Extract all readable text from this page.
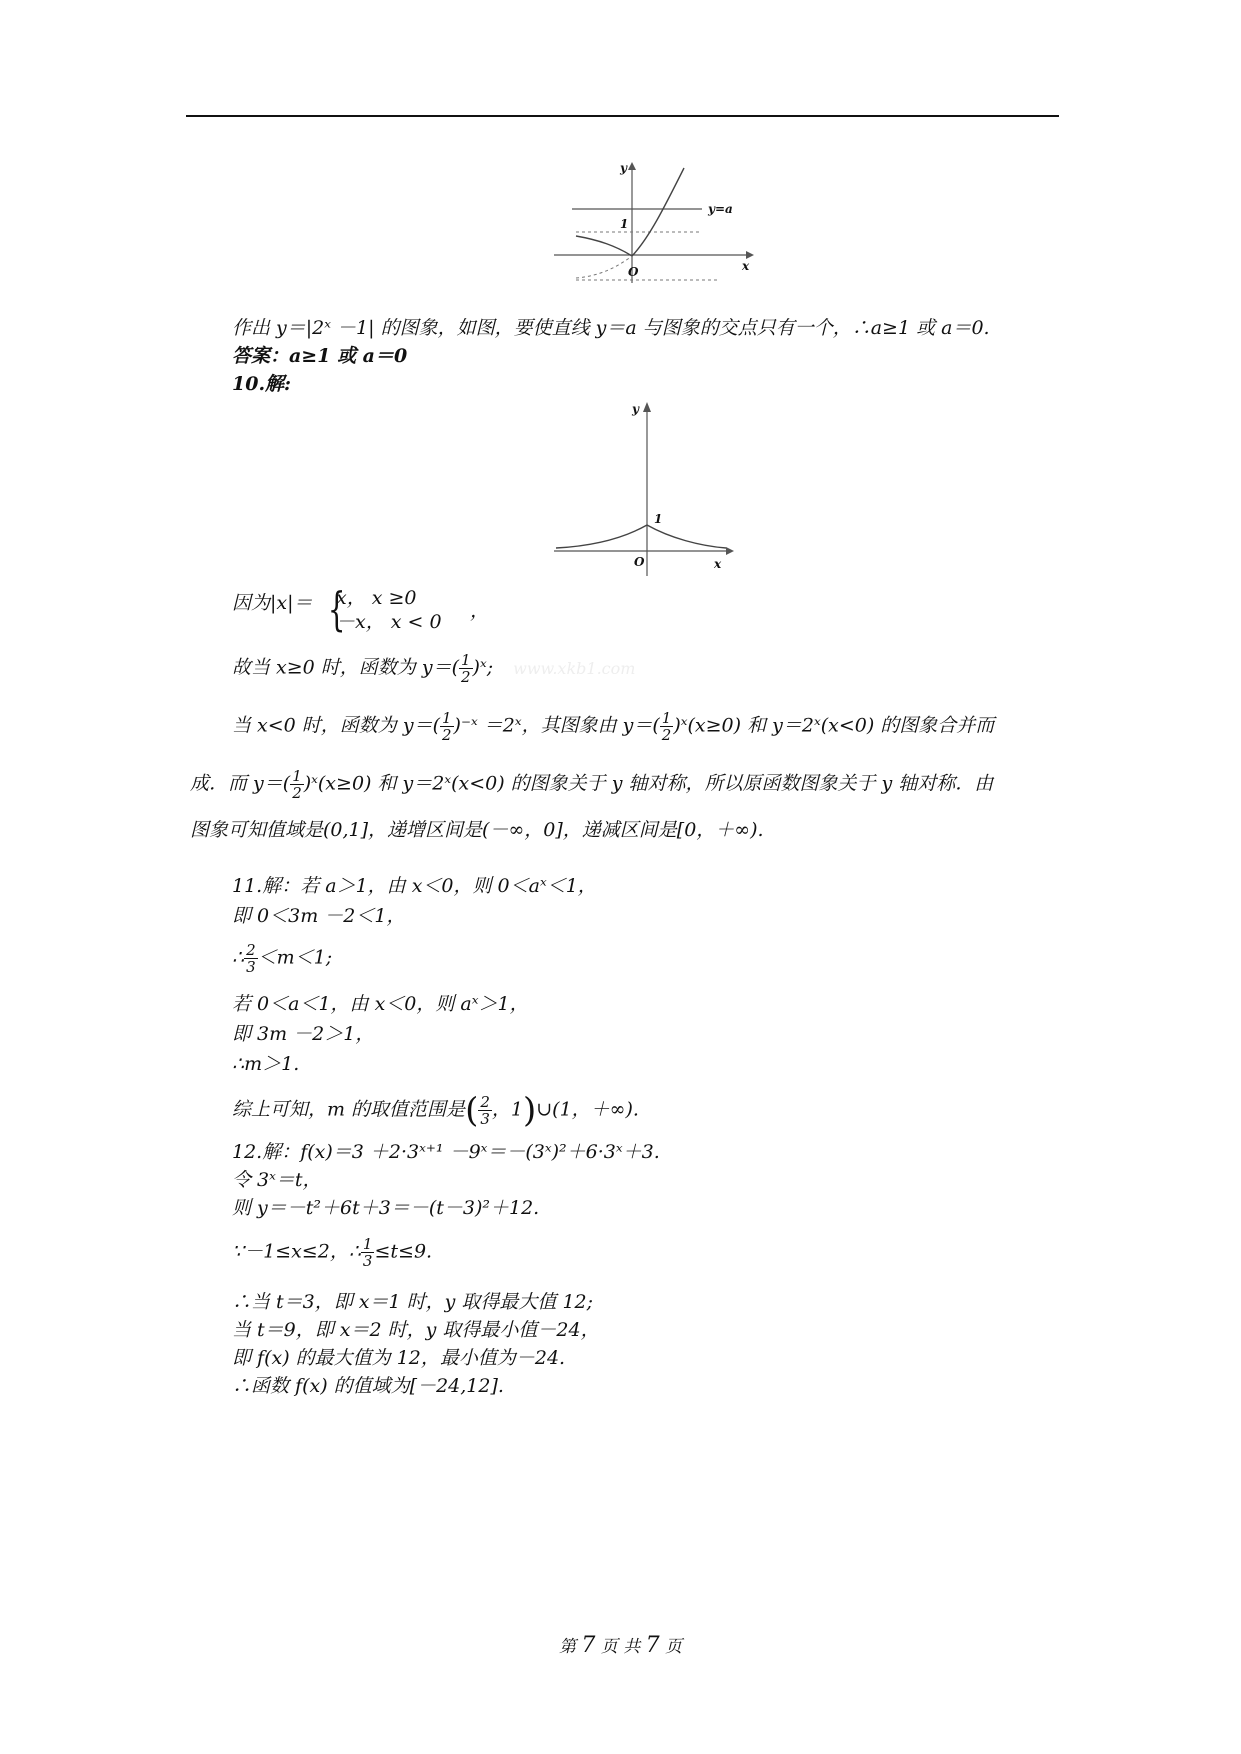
y
x
1
O
y=a
作出 y＝|2ˣ －1| 的图象，如图，要使直线 y＝a 与图象的交点只有一个，∴a≥1 或 a＝0.
答案：a≥1 或 a＝0
10.解:
y
x
1
O
因为|x|＝ {
x， x ≥0
－x， x < 0 ，
故当 x≥0 时，函数为 $y=( \frac{1}{2}$ )ˣ; www.xkb1.com
当 x<0 时，函数为 $y=( \frac{1}{2}$ )⁻ˣ ＝2ˣ，其图象由 $y=( \frac{1}{2}$ )ˣ(x≥0) 和 y＝2ˣ(x<0) 的图象合并而
成．而 $y=( \frac{1}{2}$ )ˣ(x≥0) 和 y＝2ˣ(x<0) 的图象关于 y 轴对称，所以原函数图象关于 y 轴对称．由
图象可知值域是(0,1]，递增区间是(－∞，0]，递减区间是[0，＋∞).
11.解：若 a＞1，由 x＜0，则 0＜aˣ＜1，
即 0＜3m －2＜1，
∴ $\frac{2}{3} <m<1$;
若 0＜a＜1，由 x＜0，则 aˣ＞1，
即 3m －2＞1，
∴m＞1.
综上可知，m 的取值范围是( $\frac{2}{3}$ ，1)∪(1，＋∞).
12.解：f(x)＝3 ＋2·3ˣ⁺¹ －9ˣ＝－(3ˣ)²＋6·3ˣ＋3.
令 3ˣ＝t，
则 y＝－t²＋6t＋3＝－(t－3)²＋12.
∵－1≤x≤2，∴ $\frac{1}{3} \le t\le 9$.
∴当 t＝3，即 x＝1 时，y 取得最大值 12;
当 t＝9，即 x＝2 时，y 取得最小值－24，
即 f(x) 的最大值为 12，最小值为－24.
∴函数 f(x) 的值域为[－24,12].
第 7 页 共 7 页
